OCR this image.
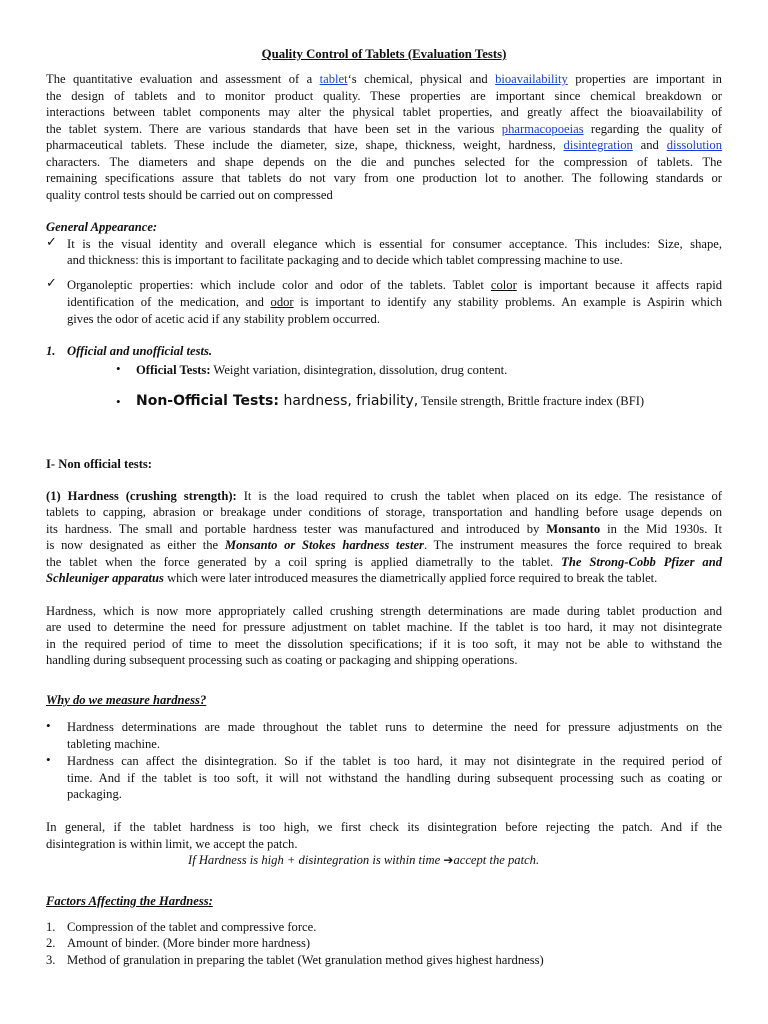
Quality Control of Tablets (Evaluation Tests)
The quantitative evaluation and assessment of a tablet‘s chemical, physical and bioavailability properties are important in
the design of tablets and to monitor product quality. These properties are important since chemical breakdown or
interactions between tablet components may alter the physical tablet properties, and greatly affect the bioavailability of
the tablet system. There are various standards that have been set in the various pharmacopoeias regarding the quality of
pharmaceutical tablets. These include the diameter, size, shape, thickness, weight, hardness, disintegration and dissolution
characters. The diameters and shape depends on the die and punches selected for the compression of tablets. The
remaining specifications assure that tablets do not vary from one production lot to another. The following standards or
quality control tests should be carried out on compressed
General Appearance:
✓ It is the visual identity and overall elegance which is essential for consumer acceptance. This includes: Size, shape,
and thickness: this is important to facilitate packaging and to decide which tablet compressing machine to use.
✓ Organoleptic properties: which include color and odor of the tablets. Tablet color is important because it affects rapid
identification of the medication, and odor is important to identify any stability problems. An example is Aspirin which
gives the odor of acetic acid if any stability problem occurred.
1. Official and unofficial tests.
• Official Tests: Weight variation, disintegration, dissolution, drug content.
• Non-Official Tests: hardness, friability, Tensile strength, Brittle fracture index (BFI)
I- Non official tests:
(1) Hardness (crushing strength): It is the load required to crush the tablet when placed on its edge. The resistance of
tablets to capping, abrasion or breakage under conditions of storage, transportation and handling before usage depends on
its hardness. The small and portable hardness tester was manufactured and introduced by Monsanto in the Mid 1930s. It
is now designated as either the Monsanto or Stokes hardness tester. The instrument measures the force required to break
the tablet when the force generated by a coil spring is applied diametrally to the tablet. The Strong-Cobb Pfizer and
Schleuniger apparatus which were later introduced measures the diametrically applied force required to break the tablet.
Hardness, which is now more appropriately called crushing strength determinations are made during tablet production and
are used to determine the need for pressure adjustment on tablet machine. If the tablet is too hard, it may not disintegrate
in the required period of time to meet the dissolution specifications; if it is too soft, it may not be able to withstand the
handling during subsequent processing such as coating or packaging and shipping operations.
Why do we measure hardness?
• Hardness determinations are made throughout the tablet runs to determine the need for pressure adjustments on the
tableting machine.
• Hardness can affect the disintegration. So if the tablet is too hard, it may not disintegrate in the required period of
time. And if the tablet is too soft, it will not withstand the handling during subsequent processing such as coating or
packaging.
In general, if the tablet hardness is too high, we first check its disintegration before rejecting the patch. And if the
disintegration is within limit, we accept the patch.
If Hardness is high + disintegration is within time ➔accept the patch.
Factors Affecting the Hardness:
1. Compression of the tablet and compressive force.
2. Amount of binder. (More binder more hardness)
3. Method of granulation in preparing the tablet (Wet granulation method gives highest hardness)
